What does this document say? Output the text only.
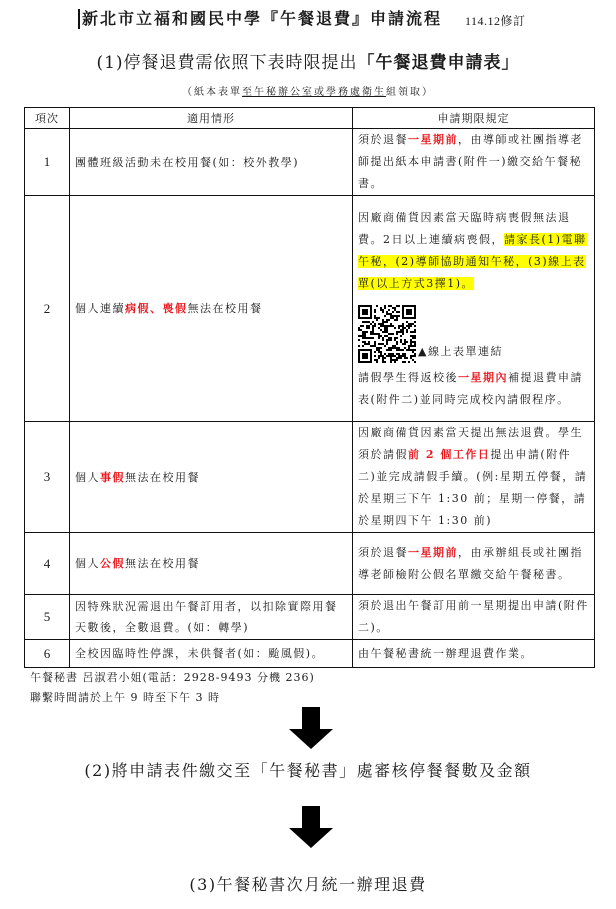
新北市立福和國民中學『午餐退費』申請流程 114.12修訂
(1)停餐退費需依照下表時限提出「午餐退費申請表」
（紙本表單至午秘辦公室或學務處衛生組領取）
項次	適用情形	申請期限規定
1	團體班級活動未在校用餐(如：校外教學)	須於退餐一星期前，由導師或社團指導老師提出紙本申請書(附件一)繳交給午餐秘書。
2	個人連續病假、喪假無法在校用餐	因廠商備貨因素當天臨時病喪假無法退費。2日以上連續病喪假，請家長(1)電聯午秘，(2)導師協助通知午秘，(3)線上表單(以上方式3擇1)。
▲線上表單連結
請假學生得返校後一星期內補提退費申請表(附件二)並同時完成校內請假程序。

3	個人事假無法在校用餐	因廠商備貨因素當天提出無法退費。學生須於請假前 2 個工作日提出申請(附件二)並完成請假手續。(例:星期五停餐，請於星期三下午 1:30 前；星期一停餐，請於星期四下午 1:30 前)
4	個人公假無法在校用餐	須於退餐一星期前，由承辦組長或社團指導老師檢附公假名單繳交給午餐秘書。
5	因特殊狀況需退出午餐訂用者，以扣除實際用餐天數後，全數退費。(如：轉學)	須於退出午餐訂用前一星期提出申請(附件二)。
6	全校因臨時性停課，未供餐者(如：颱風假)。	由午餐秘書統一辦理退費作業。
午餐秘書 呂淑君小姐(電話：2928-9493 分機 236)
聯繫時間請於上午 9 時至下午 3 時
(2)將申請表件繳交至「午餐秘書」處審核停餐餐數及金額
(3)午餐秘書次月統一辦理退費
